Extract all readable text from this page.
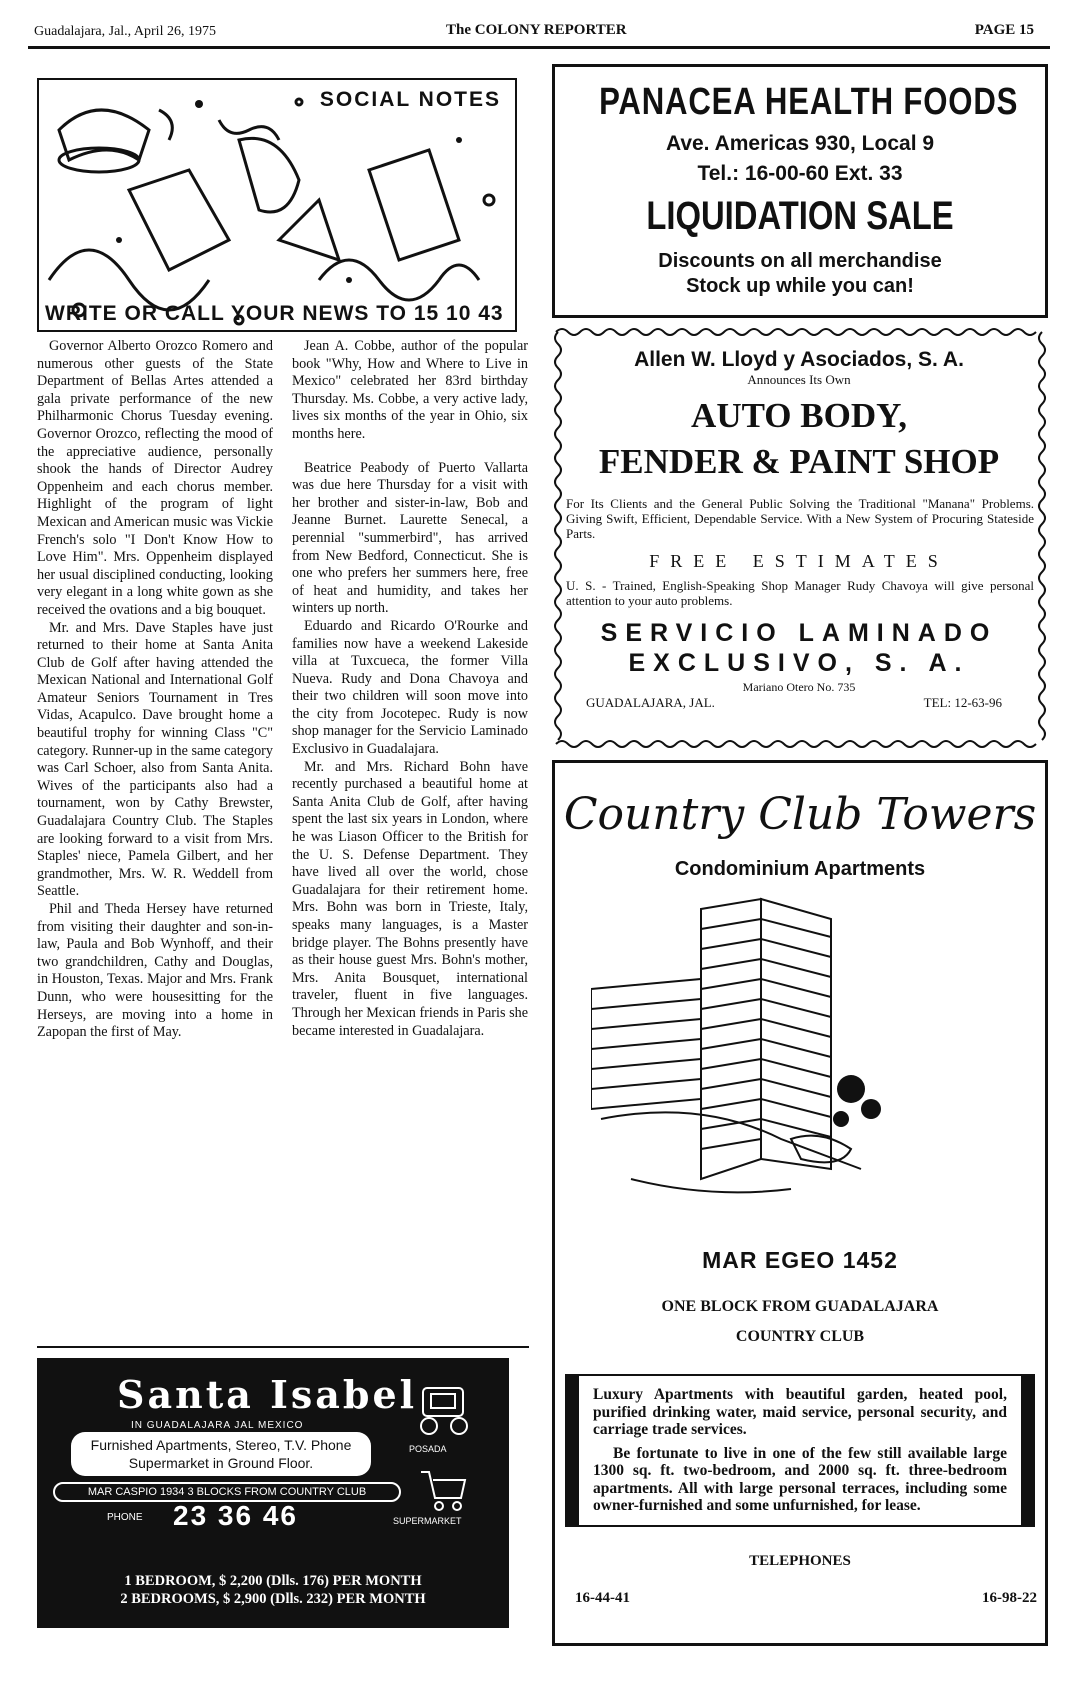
Guadalajara, Jal., April 26, 1975	The COLONY REPORTER	PAGE 15
SOCIAL NOTES
WRITE OR CALL YOUR NEWS TO 15 10 43

Governor Alberto Orozco Romero and numerous other guests of the State Department of Bellas Artes attended a gala private performance of the new Philharmonic Chorus Tuesday evening. Governor Orozco, reflecting the mood of the appreciative audience, personally shook the hands of Director Audrey Oppenheim and each chorus member. Highlight of the program of light Mexican and American music was Vickie French's solo "I Don't Know How to Love Him". Mrs. Oppenheim displayed her usual disciplined conducting, looking very elegant in a long white gown as she received the ovations and a big bouquet.

Mr. and Mrs. Dave Staples have just returned to their home at Santa Anita Club de Golf after having attended the Mexican National and International Golf Amateur Seniors Tournament in Tres Vidas, Acapulco. Dave brought home a beautiful trophy for winning Class "C" category. Runner-up in the same category was Carl Schoer, also from Santa Anita. Wives of the participants also had a tournament, won by Cathy Brewster, Guadalajara Country Club. The Staples are looking forward to a visit from Mrs. Staples' niece, Pamela Gilbert, and her grandmother, Mrs. W. R. Weddell from Seattle.

Phil and Theda Hersey have returned from visiting their daughter and son-in-law, Paula and Bob Wynhoff, and their two grandchildren, Cathy and Douglas, in Houston, Texas. Major and Mrs. Frank Dunn, who were housesitting for the Herseys, are moving into a home in Zapopan the first of May.

Jean A. Cobbe, author of the popular book "Why, How and Where to Live in Mexico" celebrated her 83rd birthday Thursday. Ms. Cobbe, a very active lady, lives six months of the year in Ohio, six months here.

Beatrice Peabody of Puerto Vallarta was due here Thursday for a visit with her brother and sister-in-law, Bob and Jeanne Burnet. Laurette Senecal, a perennial "summerbird", has arrived from New Bedford, Connecticut. She is one who prefers her summers here, free of heat and humidity, and takes her winters up north.

Eduardo and Ricardo O'Rourke and families now have a weekend Lakeside villa at Tuxcueca, the former Villa Nueva. Rudy and Dona Chavoya and their two children will soon move into the city from Jocotepec. Rudy is now shop manager for the Servicio Laminado Exclusivo in Guadalajara.

Mr. and Mrs. Richard Bohn have recently purchased a beautiful home at Santa Anita Club de Golf, after having spent the last six years in London, where he was Liason Officer to the British for the U. S. Defense Department. They have lived all over the world, chose Guadalajara for their retirement home. Mrs. Bohn was born in Trieste, Italy, speaks many languages, is a Master bridge player. The Bohns presently have as their house guest Mrs. Bohn's mother, Mrs. Anita Bousquet, international traveler, fluent in five languages. Through her Mexican friends in Paris she became interested in Guadalajara.

PANACEA HEALTH FOODS
Ave. Americas 930, Local 9
Tel.: 16-00-60 Ext. 33
LIQUIDATION SALE
Discounts on all merchandise
Stock up while you can!
Allen W. Lloyd y Asociados, S. A.
Announces Its Own
AUTO BODY,
FENDER & PAINT SHOP
For Its Clients and the General Public Solving the Traditional "Manana" Problems. Giving Swift, Efficient, Dependable Service. With a New System of Procuring Stateside Parts.
FREE ESTIMATES
U. S. - Trained, English-Speaking Shop Manager Rudy Chavoya will give personal attention to your auto problems.
SERVICIO LAMINADO
EXCLUSIVO, S. A.
Mariano Otero No. 735
GUADALAJARA, JAL.	TEL: 12-63-96
Country Club Towers
Condominium Apartments
MAR EGEO 1452
ONE BLOCK FROM GUADALAJARA
COUNTRY CLUB

Luxury Apartments with beautiful garden, heated pool, purified drinking water, maid service, personal security, and carriage trade services.

Be fortunate to live in one of the few still available large 1300 sq. ft. two-bedroom, and 2000 sq. ft. three-bedroom apartments. All with large personal terraces, including some owner-furnished and some unfurnished, for lease.

TELEPHONES
16-44-41	16-98-22
Santa Isabel
IN GUADALAJARA JAL MEXICO
Furnished Apartments, Stereo, T.V. Phone
Supermarket in Ground Floor.
MAR CASPIO 1934 3 BLOCKS FROM COUNTRY CLUB
PHONE 23 36 46
POSADA
SUPERMARKET
1 BEDROOM, $ 2,200 (Dlls. 176) PER MONTH
2 BEDROOMS, $ 2,900 (Dlls. 232) PER MONTH
